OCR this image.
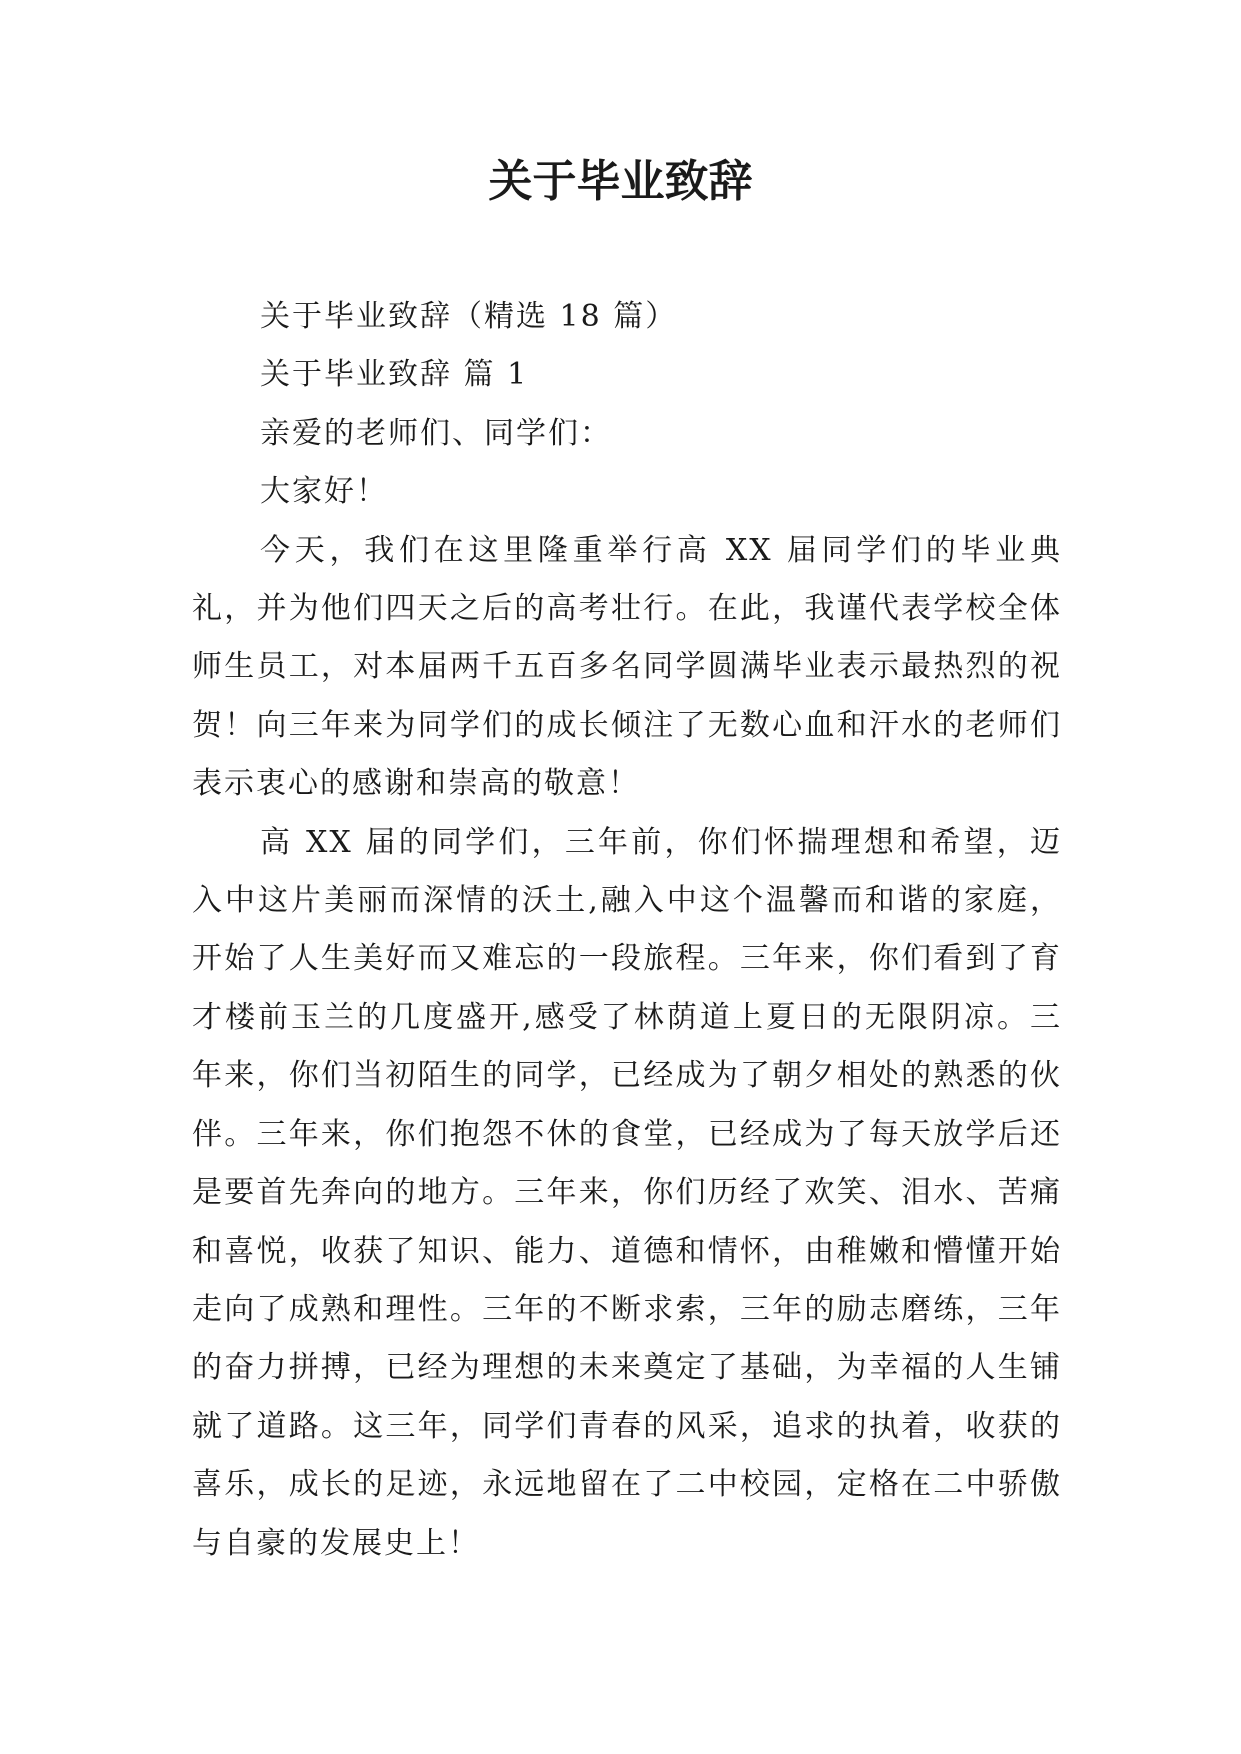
关于毕业致辞

关于毕业致辞（精选 18 篇）

关于毕业致辞 篇 1

亲爱的老师们、同学们：

大家好！

今天，我们在这里隆重举行高 XX 届同学们的毕业典礼，并为他们四天之后的高考壮行。在此，我谨代表学校全体师生员工，对本届两千五百多名同学圆满毕业表示最热烈的祝贺！向三年来为同学们的成长倾注了无数心血和汗水的老师们表示衷心的感谢和崇高的敬意！

高 XX 届的同学们，三年前，你们怀揣理想和希望，迈入中这片美丽而深情的沃土,融入中这个温馨而和谐的家庭，开始了人生美好而又难忘的一段旅程。三年来，你们看到了育才楼前玉兰的几度盛开,感受了林荫道上夏日的无限阴凉。三年来，你们当初陌生的同学，已经成为了朝夕相处的熟悉的伙伴。三年来，你们抱怨不休的食堂，已经成为了每天放学后还是要首先奔向的地方。三年来，你们历经了欢笑、泪水、苦痛和喜悦，收获了知识、能力、道德和情怀，由稚嫩和懵懂开始走向了成熟和理性。三年的不断求索，三年的励志磨练，三年的奋力拼搏，已经为理想的未来奠定了基础，为幸福的人生铺就了道路。这三年，同学们青春的风采，追求的执着，收获的喜乐，成长的足迹，永远地留在了二中校园，定格在二中骄傲与自豪的发展史上！
